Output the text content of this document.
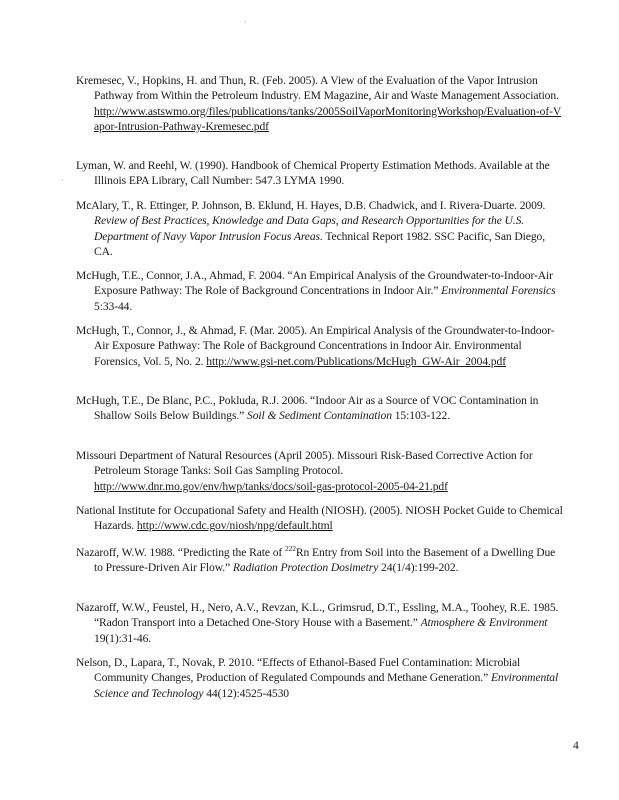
·
·
Kremesec, V., Hopkins, H. and Thun, R. (Feb. 2005). A View of the Evaluation of the Vapor Intrusion Pathway from Within the Petroleum Industry. EM Magazine, Air and Waste Management Association.
http://www.astswmo.org/files/publications/tanks/2005SoilVaporMonitoringWorkshop/Evaluation-of-Vapor-Intrusion-Pathway-Kremesec.pdf
Lyman, W. and Reehl, W. (1990). Handbook of Chemical Property Estimation Methods. Available at the Illinois EPA Library, Call Number: 547.3 LYMA 1990.
McAlary, T., R. Ettinger, P. Johnson, B. Eklund, H. Hayes, D.B. Chadwick, and I. Rivera-Duarte. 2009. Review of Best Practices, Knowledge and Data Gaps, and Research Opportunities for the U.S. Department of Navy Vapor Intrusion Focus Areas. Technical Report 1982. SSC Pacific, San Diego, CA.
McHugh, T.E., Connor, J.A., Ahmad, F. 2004. “An Empirical Analysis of the Groundwater-to-Indoor-Air Exposure Pathway: The Role of Background Concentrations in Indoor Air.” Environmental Forensics 5:33-44.
McHugh, T., Connor, J., & Ahmad, F. (Mar. 2005). An Empirical Analysis of the Groundwater-to-Indoor-Air Exposure Pathway: The Role of Background Concentrations in Indoor Air. Environmental Forensics, Vol. 5, No. 2. http://www.gsi-net.com/Publications/McHugh_GW-Air_2004.pdf
McHugh, T.E., De Blanc, P.C., Pokluda, R.J. 2006. “Indoor Air as a Source of VOC Contamination in Shallow Soils Below Buildings.” Soil & Sediment Contamination 15:103-122.
Missouri Department of Natural Resources (April 2005). Missouri Risk-Based Corrective Action for Petroleum Storage Tanks: Soil Gas Sampling Protocol.
http://www.dnr.mo.gov/env/hwp/tanks/docs/soil-gas-protocol-2005-04-21.pdf
National Institute for Occupational Safety and Health (NIOSH). (2005). NIOSH Pocket Guide to Chemical Hazards. http://www.cdc.gov/niosh/npg/default.html
Nazaroff, W.W. 1988. “Predicting the Rate of $^{222}$Rn Entry from Soil into the Basement of a Dwelling Due to Pressure-Driven Air Flow.” Radiation Protection Dosimetry 24(1/4):199-202.
Nazaroff, W.W., Feustel, H., Nero, A.V., Revzan, K.L., Grimsrud, D.T., Essling, M.A., Toohey, R.E. 1985. “Radon Transport into a Detached One-Story House with a Basement.” Atmosphere & Environment 19(1):31-46.
Nelson, D., Lapara, T., Novak, P. 2010. “Effects of Ethanol-Based Fuel Contamination: Microbial Community Changes, Production of Regulated Compounds and Methane Generation.” Environmental Science and Technology 44(12):4525-4530
4
